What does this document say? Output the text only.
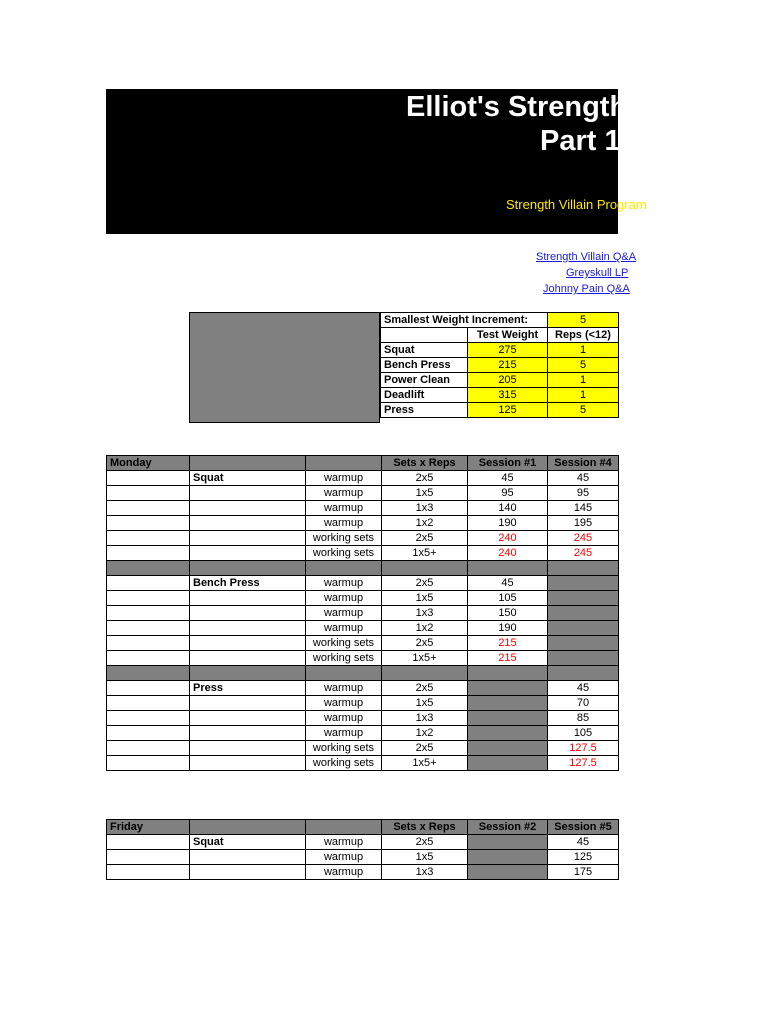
Elliot's Strength
Part 1
Strength Villain Program
Strength Villain Q&A
Greyskull LP
Johnny Pain Q&A
Smallest Weight Increment:		5
	Test Weight	Reps (<12)
Squat	275	1
Bench Press	215	5
Power Clean	205	1
Deadlift	315	1
Press	125	5
Monday			Sets x Reps	Session #1	Session #4
	Squat	warmup	2x5	45	45
		warmup	1x5	95	95
		warmup	1x3	140	145
		warmup	1x2	190	195
		working sets	2x5	240	245
		working sets	1x5+	240	245

	Bench Press	warmup	2x5	45	
		warmup	1x5	105	
		warmup	1x3	150	
		warmup	1x2	190	
		working sets	2x5	215	
		working sets	1x5+	215	

	Press	warmup	2x5		45
		warmup	1x5		70
		warmup	1x3		85
		warmup	1x2		105
		working sets	2x5		127.5
		working sets	1x5+		127.5
Friday			Sets x Reps	Session #2	Session #5
	Squat	warmup	2x5		45
		warmup	1x5		125
		warmup	1x3		175
